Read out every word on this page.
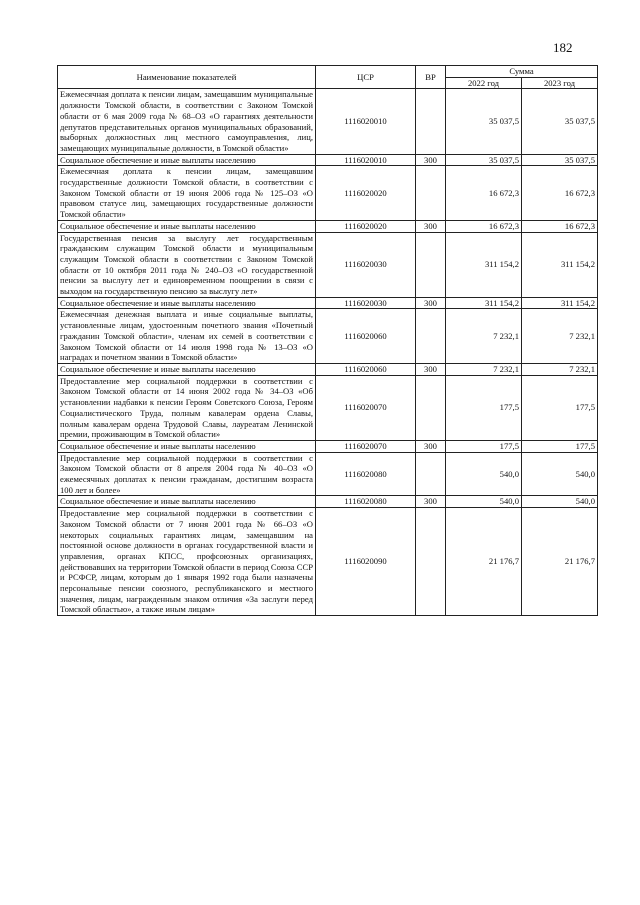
182
Наименование показателей	ЦСР	ВР	Сумма	
			2022 год	2023 год
Ежемесячная доплата к пенсии лицам, замещавшим муниципальные должности Томской области, в соответствии с Законом Томской области от 6 мая 2009 года № 68–ОЗ «О гарантиях деятельности депутатов представительных органов муниципальных образований, выборных должностных лиц местного самоуправления, лиц, замещающих муниципальные должности, в Томской области»	1116020010		35 037,5	35 037,5
Социальное обеспечение и иные выплаты населению	1116020010	300	35 037,5	35 037,5
Ежемесячная доплата к пенсии лицам, замещавшим государственные должности Томской области, в соответствии с Законом Томской области от 19 июня 2006 года № 125–ОЗ «О правовом статусе лиц, замещающих государственные должности Томской области»	1116020020		16 672,3	16 672,3
Социальное обеспечение и иные выплаты населению	1116020020	300	16 672,3	16 672,3
Государственная пенсия за выслугу лет государственным гражданским служащим Томской области и муниципальным служащим Томской области в соответствии с Законом Томской области от 10 октября 2011 года № 240–ОЗ «О государственной пенсии за выслугу лет и единовременном поощрении в связи с выходом на государственную пенсию за выслугу лет»	1116020030		311 154,2	311 154,2
Социальное обеспечение и иные выплаты населению	1116020030	300	311 154,2	311 154,2
Ежемесячная денежная выплата и иные социальные выплаты, установленные лицам, удостоенным почетного звания «Почетный гражданин Томской области», членам их семей в соответствии с Законом Томской области от 14 июля 1998 года № 13–ОЗ «О наградах и почетном звании в Томской области»	1116020060		7 232,1	7 232,1
Социальное обеспечение и иные выплаты населению	1116020060	300	7 232,1	7 232,1
Предоставление мер социальной поддержки в соответствии с Законом Томской области от 14 июня 2002 года № 34–ОЗ «Об установлении надбавки к пенсии Героям Советского Союза, Героям Социалистического Труда, полным кавалерам ордена Славы, полным кавалерам ордена Трудовой Славы, лауреатам Ленинской премии, проживающим в Томской области»	1116020070		177,5	177,5
Социальное обеспечение и иные выплаты населению	1116020070	300	177,5	177,5
Предоставление мер социальной поддержки в соответствии с Законом Томской области от 8 апреля 2004 года № 40–ОЗ «О ежемесячных доплатах к пенсии гражданам, достигшим возраста 100 лет и более»	1116020080		540,0	540,0
Социальное обеспечение и иные выплаты населению	1116020080	300	540,0	540,0
Предоставление мер социальной поддержки в соответствии с Законом Томской области от 7 июня 2001 года № 66–ОЗ «О некоторых социальных гарантиях лицам, замещавшим на постоянной основе должности в органах государственной власти и управления, органах КПСС, профсоюзных организациях, действовавших на территории Томской области в период Союза ССР и РСФСР, лицам, которым до 1 января 1992 года были назначены персональные пенсии союзного, республиканского и местного значения, лицам, награжденным знаком отличия «За заслуги перед Томской областью», а также иным лицам»	1116020090		21 176,7	21 176,7
